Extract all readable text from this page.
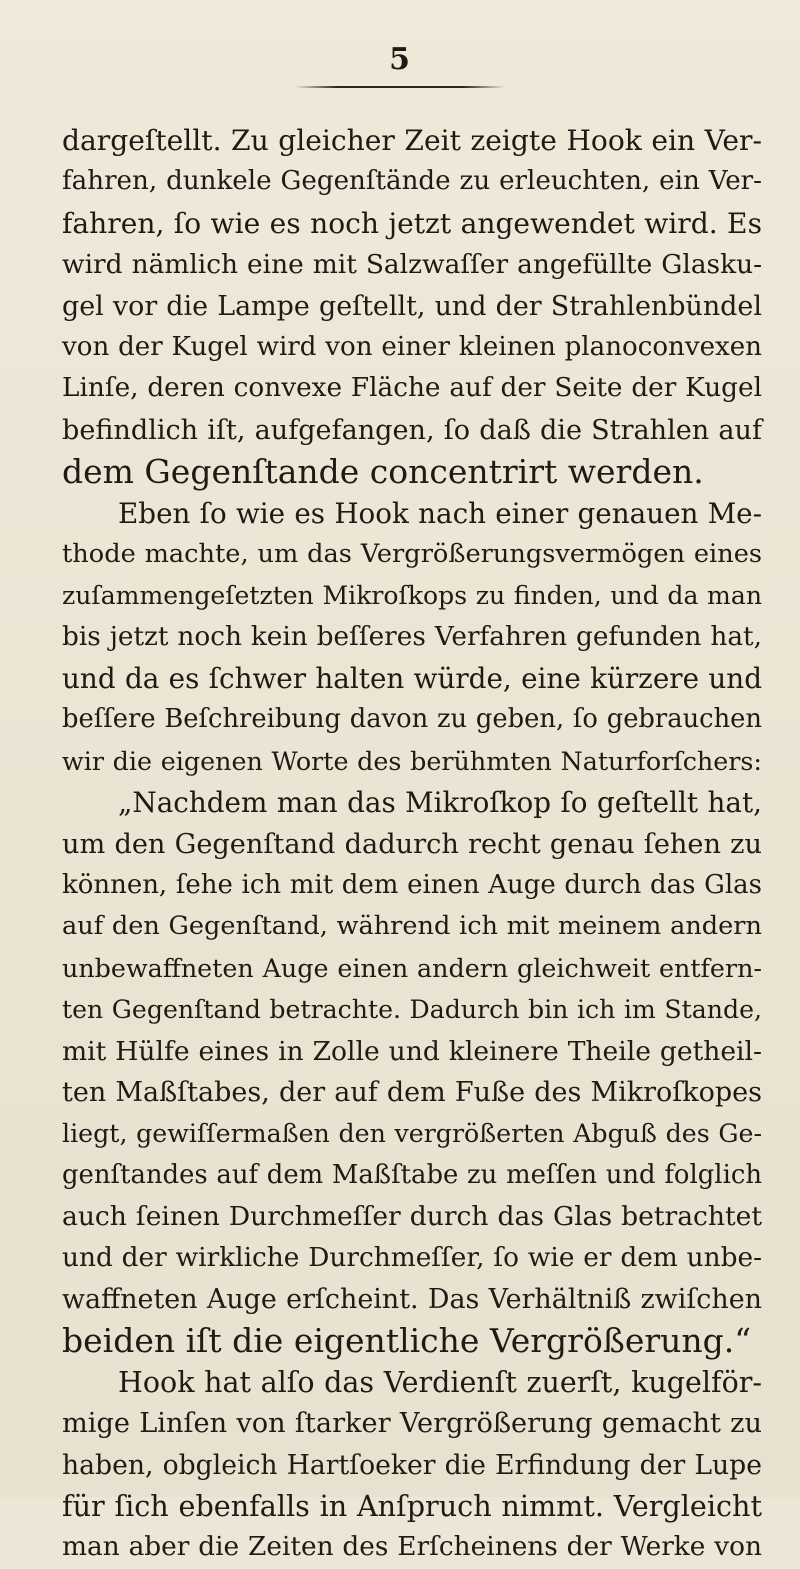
5
dargeſtellt. Zu gleicher Zeit zeigte Hook ein Ver-
fahren, dunkele Gegenſtände zu erleuchten, ein Ver-
fahren, ſo wie es noch jetzt angewendet wird. Es
wird nämlich eine mit Salzwaſſer angefüllte Glasku-
gel vor die Lampe geſtellt, und der Strahlenbündel
von der Kugel wird von einer kleinen planoconvexen
Linſe, deren convexe Fläche auf der Seite der Kugel
befindlich iſt, aufgefangen, ſo daß die Strahlen auf
dem Gegenſtande concentrirt werden.
Eben ſo wie es Hook nach einer genauen Me-
thode machte, um das Vergrößerungsvermögen eines
zuſammengeſetzten Mikroſkops zu finden, und da man
bis jetzt noch kein beſſeres Verfahren gefunden hat,
und da es ſchwer halten würde, eine kürzere und
beſſere Beſchreibung davon zu geben, ſo gebrauchen
wir die eigenen Worte des berühmten Naturforſchers:
„Nachdem man das Mikroſkop ſo geſtellt hat,
um den Gegenſtand dadurch recht genau ſehen zu
können, ſehe ich mit dem einen Auge durch das Glas
auf den Gegenſtand, während ich mit meinem andern
unbewaffneten Auge einen andern gleichweit entfern-
ten Gegenſtand betrachte. Dadurch bin ich im Stande,
mit Hülfe eines in Zolle und kleinere Theile getheil-
ten Maßſtabes, der auf dem Fuße des Mikroſkopes
liegt, gewiſſermaßen den vergrößerten Abguß des Ge-
genſtandes auf dem Maßſtabe zu meſſen und folglich
auch ſeinen Durchmeſſer durch das Glas betrachtet
und der wirkliche Durchmeſſer, ſo wie er dem unbe-
waffneten Auge erſcheint. Das Verhältniß zwiſchen
beiden iſt die eigentliche Vergrößerung.“
Hook hat alſo das Verdienſt zuerſt, kugelför-
mige Linſen von ſtarker Vergrößerung gemacht zu
haben, obgleich Hartſoeker die Erfindung der Lupe
für ſich ebenfalls in Anſpruch nimmt. Vergleicht
man aber die Zeiten des Erſcheinens der Werke von
